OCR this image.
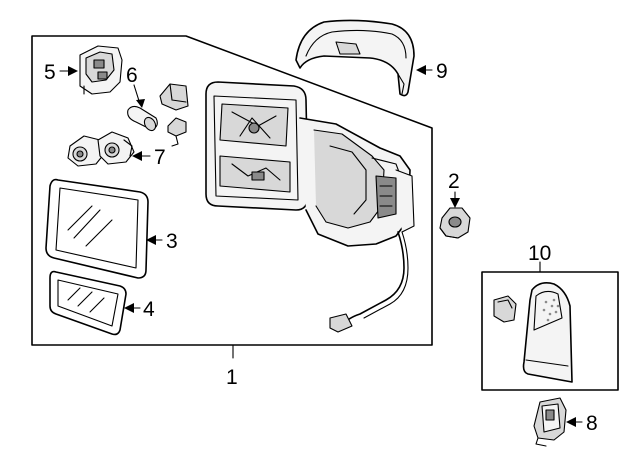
1
2
3
4
5	6
7
8
9
10
